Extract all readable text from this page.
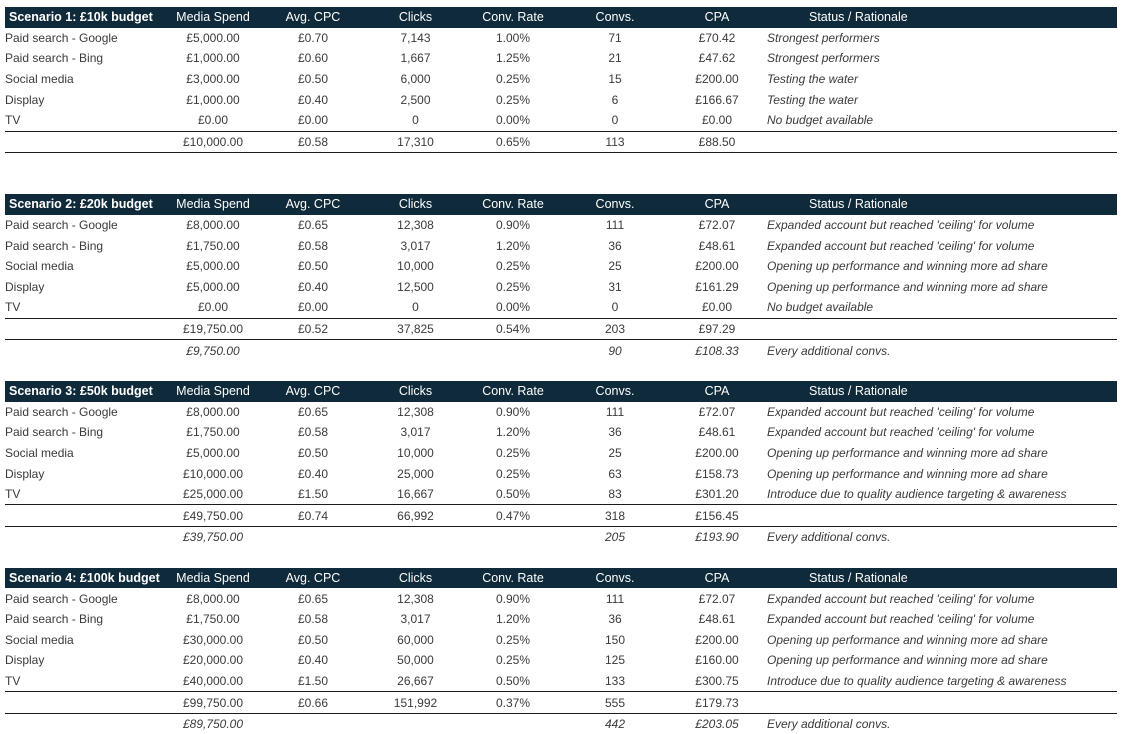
Scenario 1: £10k budget	Media Spend	Avg. CPC	Clicks	Conv. Rate	Convs.	CPA	Status / Rationale
Paid search - Google	£5,000.00	£0.70	7,143	1.00%	71	£70.42	Strongest performers
Paid search - Bing	£1,000.00	£0.60	1,667	1.25%	21	£47.62	Strongest performers
Social media	£3,000.00	£0.50	6,000	0.25%	15	£200.00	Testing the water
Display	£1,000.00	£0.40	2,500	0.25%	6	£166.67	Testing the water
TV	£0.00	£0.00	0	0.00%	0	£0.00	No budget available
	£10,000.00	£0.58	17,310	0.65%	113	£88.50	
Scenario 2: £20k budget	Media Spend	Avg. CPC	Clicks	Conv. Rate	Convs.	CPA	Status / Rationale
Paid search - Google	£8,000.00	£0.65	12,308	0.90%	111	£72.07	Expanded account but reached 'ceiling' for volume
Paid search - Bing	£1,750.00	£0.58	3,017	1.20%	36	£48.61	Expanded account but reached 'ceiling' for volume
Social media	£5,000.00	£0.50	10,000	0.25%	25	£200.00	Opening up performance and winning more ad share
Display	£5,000.00	£0.40	12,500	0.25%	31	£161.29	Opening up performance and winning more ad share
TV	£0.00	£0.00	0	0.00%	0	£0.00	No budget available
	£19,750.00	£0.52	37,825	0.54%	203	£97.29	
	£9,750.00				90	£108.33	Every additional convs.
Scenario 3: £50k budget	Media Spend	Avg. CPC	Clicks	Conv. Rate	Convs.	CPA	Status / Rationale
Paid search - Google	£8,000.00	£0.65	12,308	0.90%	111	£72.07	Expanded account but reached 'ceiling' for volume
Paid search - Bing	£1,750.00	£0.58	3,017	1.20%	36	£48.61	Expanded account but reached 'ceiling' for volume
Social media	£5,000.00	£0.50	10,000	0.25%	25	£200.00	Opening up performance and winning more ad share
Display	£10,000.00	£0.40	25,000	0.25%	63	£158.73	Opening up performance and winning more ad share
TV	£25,000.00	£1.50	16,667	0.50%	83	£301.20	Introduce due to quality audience targeting & awareness
	£49,750.00	£0.74	66,992	0.47%	318	£156.45	
	£39,750.00				205	£193.90	Every additional convs.
Scenario 4: £100k budget	Media Spend	Avg. CPC	Clicks	Conv. Rate	Convs.	CPA	Status / Rationale
Paid search - Google	£8,000.00	£0.65	12,308	0.90%	111	£72.07	Expanded account but reached 'ceiling' for volume
Paid search - Bing	£1,750.00	£0.58	3,017	1.20%	36	£48.61	Expanded account but reached 'ceiling' for volume
Social media	£30,000.00	£0.50	60,000	0.25%	150	£200.00	Opening up performance and winning more ad share
Display	£20,000.00	£0.40	50,000	0.25%	125	£160.00	Opening up performance and winning more ad share
TV	£40,000.00	£1.50	26,667	0.50%	133	£300.75	Introduce due to quality audience targeting & awareness
	£99,750.00	£0.66	151,992	0.37%	555	£179.73	
	£89,750.00				442	£203.05	Every additional convs.
